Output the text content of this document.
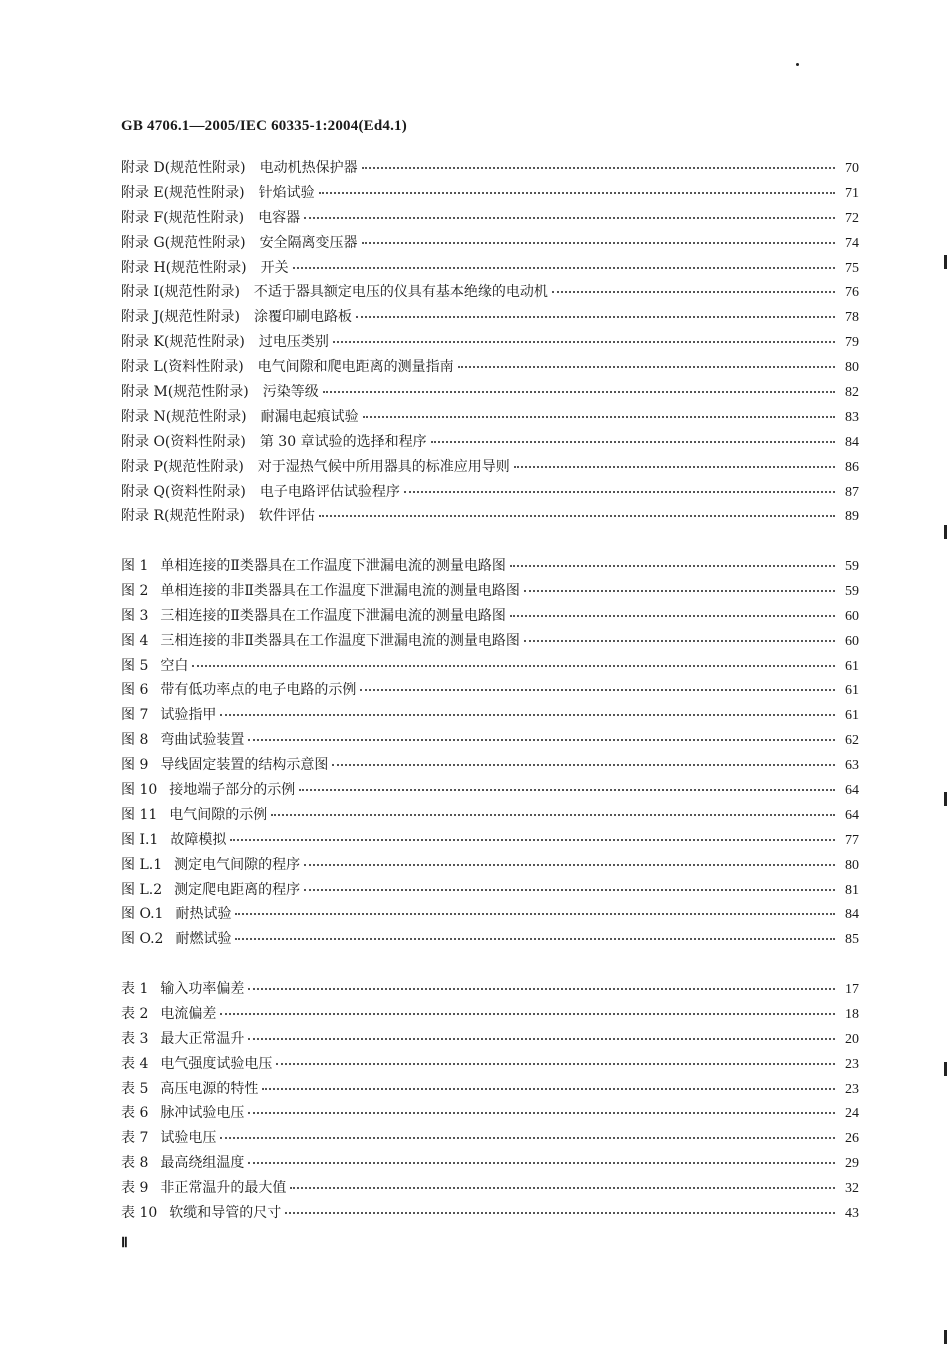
GB 4706.1—2005/IEC 60335-1:2004(Ed4.1)
附录 D(规范性附录) 电动机热保护器	70
附录 E(规范性附录) 针焰试验	71
附录 F(规范性附录) 电容器	72
附录 G(规范性附录) 安全隔离变压器	74
附录 H(规范性附录) 开关	75
附录 I(规范性附录) 不适于器具额定电压的仪具有基本绝缘的电动机	76
附录 J(规范性附录) 涂覆印刷电路板	78
附录 K(规范性附录) 过电压类别	79
附录 L(资料性附录) 电气间隙和爬电距离的测量指南	80
附录 M(规范性附录) 污染等级	82
附录 N(规范性附录) 耐漏电起痕试验	83
附录 O(资料性附录) 第 30 章试验的选择和程序	84
附录 P(规范性附录) 对于湿热气候中所用器具的标准应用导则	86
附录 Q(资料性附录) 电子电路评估试验程序	87
附录 R(规范性附录) 软件评估	89
图 1 单相连接的Ⅱ类器具在工作温度下泄漏电流的测量电路图	59
图 2 单相连接的非Ⅱ类器具在工作温度下泄漏电流的测量电路图	59
图 3 三相连接的Ⅱ类器具在工作温度下泄漏电流的测量电路图	60
图 4 三相连接的非Ⅱ类器具在工作温度下泄漏电流的测量电路图	60
图 5 空白	61
图 6 带有低功率点的电子电路的示例	61
图 7 试验指甲	61
图 8 弯曲试验装置	62
图 9 导线固定装置的结构示意图	63
图 10 接地端子部分的示例	64
图 11 电气间隙的示例	64
图 I.1 故障模拟	77
图 L.1 测定电气间隙的程序	80
图 L.2 测定爬电距离的程序	81
图 O.1 耐热试验	84
图 O.2 耐燃试验	85
表 1 输入功率偏差	17
表 2 电流偏差	18
表 3 最大正常温升	20
表 4 电气强度试验电压	23
表 5 高压电源的特性	23
表 6 脉冲试验电压	24
表 7 试验电压	26
表 8 最高绕组温度	29
表 9 非正常温升的最大值	32
表 10 软缆和导管的尺寸	43
Ⅱ
